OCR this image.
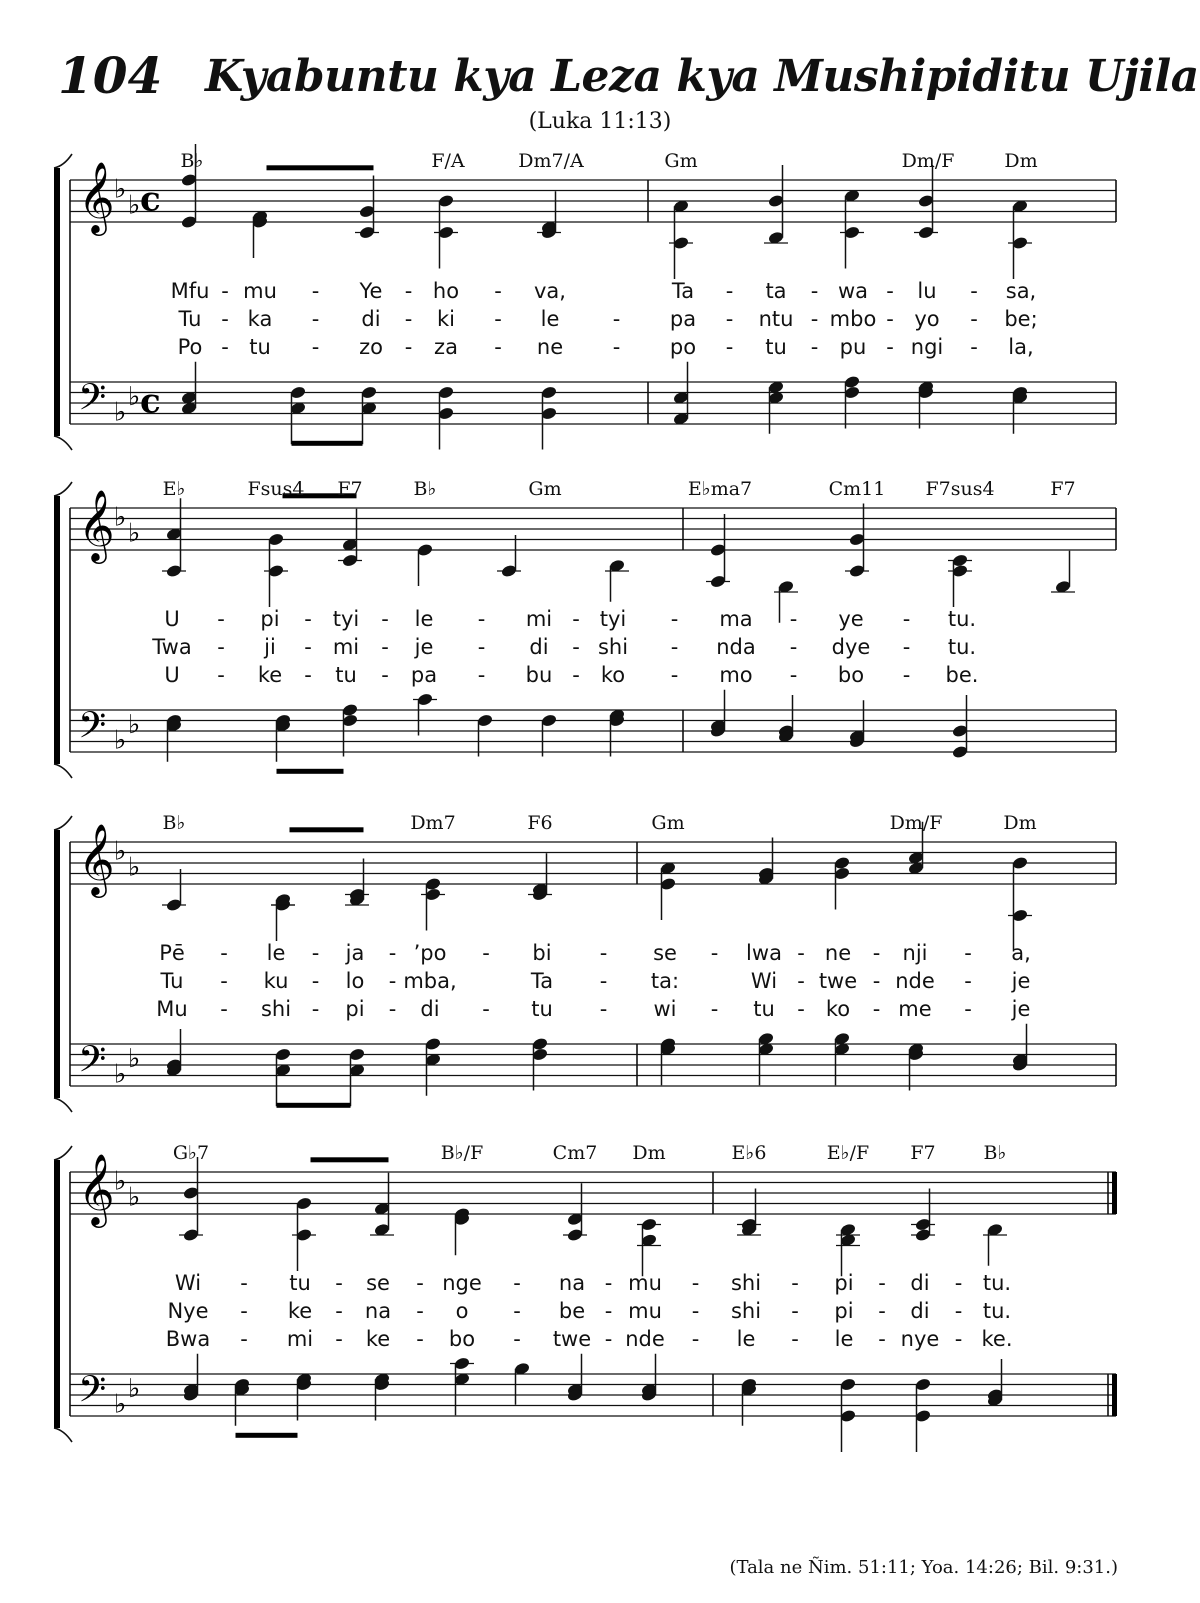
104 Kyabuntu kya Leza kya Mushipiditu Ujila
(Luka 11:13)
𝄞 ♭
♭ c
𝄢 ♭
♭ c
B♭	F/A	Dm7/A	Gm	Dm/F	Dm
Mfu - mu - Ye - ho - va,	Ta - ta - wa - lu - sa,
Tu - ka - di - ki - le	- pa - ntu - mbo - yo - be;
Po - tu - zo - za - ne - po - tu - pu - ngi - la,
𝄞 ♭
♭
𝄢 ♭
♭
E♭	Fsus4 F7	B♭	Gm	E♭ma7	Cm11 F7sus4	F7
U - pi - tyi - le - mi - tyi - ma - ye - tu.
Twa - ji - mi - je - di - shi - nda - dye - tu.
U - ke - tu - pa - bu - ko - mo - bo - be.
𝄞 ♭
♭
𝄢 ♭
♭
B♭	Dm7	F6	Gm	Dm/F	Dm
Pē - le - ja - ’po - bi - se - lwa - ne - nji - a,
Tu - ku - lo - mba,	Ta - ta:	Wi - twe - nde - je
Mu - shi - pi - di - tu - wi - tu - ko - me - je
𝄞 ♭
♭
𝄢 ♭
♭
G♭7	B♭/F	Cm7 Dm	E♭6	E♭/F F7	B♭
Wi - tu - se - nge - na - mu - shi - pi - di - tu.
Nye - ke - na - o - be - mu - shi - pi - di - tu.
Bwa - mi - ke - bo - twe - nde - le - le - nye - ke.
(Tala ne Ñim. 51:11; Yoa. 14:26; Bil. 9:31.)
